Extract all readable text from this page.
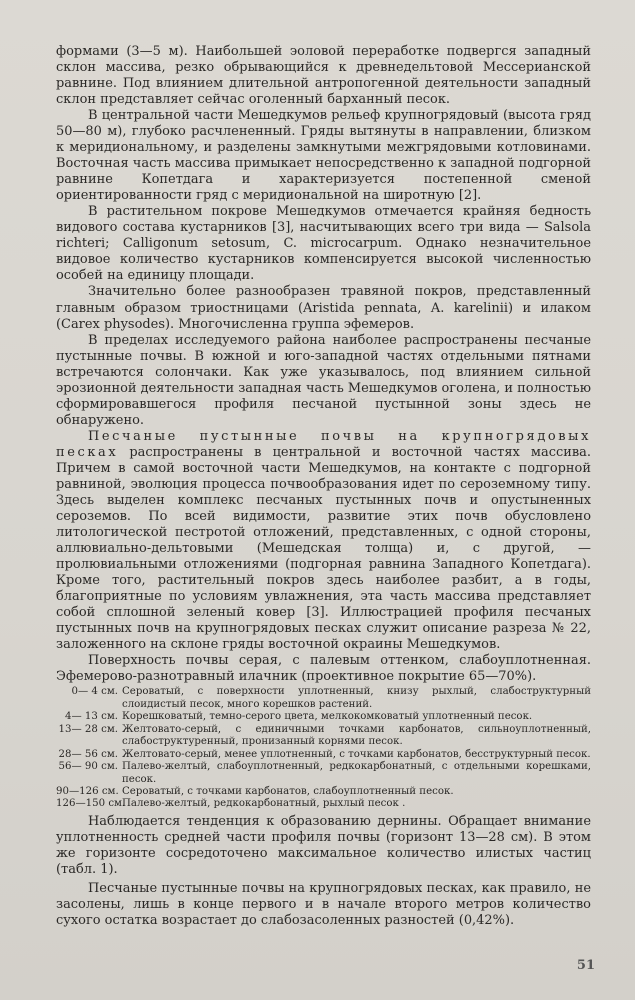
формами (3—5 м). Наибольшей эоловой переработке подвергся западный склон массива, резко обрывающийся к древнедельтовой Мессерианской равнине. Под влиянием длительной антропогенной деятельности западный склон представляет сейчас оголенный барханный песок.

В центральной части Мешедкумов рельеф крупногрядовый (высота гряд 50—80 м), глубоко расчлененный. Гряды вытянуты в направлении, близком к меридиональному, и разделены замкнутыми межгрядовыми котловинами. Восточная часть массива примыкает непосредственно к западной подгорной равнине Копетдага и характеризуется постепенной сменой ориентированности гряд с меридиональной на широтную [2].

В растительном покрове Мешедкумов отмечается крайняя бедность видового состава кустарников [3], насчитывающих всего три вида — Salsola richteri; Calligonum setosum, C. microcarpum. Однако незначительное видовое количество кустарников компенсируется высокой численностью особей на единицу площади.

Значительно более разнообразен травяной покров, представленный главным образом триостницами (Aristida pennata, A. karelinii) и илаком (Carex physodes). Многочисленна группа эфемеров.

В пределах исследуемого района наиболее распространены песчаные пустынные почвы. В южной и юго-западной частях отдельными пятнами встречаются солончаки. Как уже указывалось, под влиянием сильной эрозионной деятельности западная часть Мешедкумов оголена, и полностью сформировавшегося профиля песчаной пустынной зоны здесь не обнаружено.

Песчаные пустынные почвы на крупногрядовых песках распространены в центральной и восточной частях массива. Причем в самой восточной части Мешедкумов, на контакте с подгорной равниной, эволюция процесса почвообразования идет по сероземному типу. Здесь выделен комплекс песчаных пустынных почв и опустыненных сероземов. По всей видимости, развитие этих почв обусловлено литологической пестротой отложений, представленных, с одной стороны, аллювиально-дельтовыми (Мешедская толща) и, с другой, — пролювиальными отложениями (подгорная равнина Западного Копетдага). Кроме того, растительный покров здесь наиболее разбит, а в годы, благоприятные по условиям увлажнения, эта часть массива представляет собой сплошной зеленый ковер [3]. Иллюстрацией профиля песчаных пустынных почв на крупногрядовых песках служит описание разреза № 22, заложенного на склоне гряды восточной окраины Мешедкумов.

Поверхность почвы серая, с палевым оттенком, слабоуплотненная. Эфемерово-разнотравный илачник (проективное покрытие 65—70%).

0— 4 см. Сероватый, с поверхности уплотненный, книзу рыхлый, слабоструктурный слоидистый песок, много корешков растений.
4— 13 см. Корешковатый, темно-серого цвета, мелкокомковатый уплотненный песок.
13— 28 см. Желтовато-серый, с единичными точками карбонатов, сильноуплотненный, слабоструктуренный, пронизанный корнями песок.
28— 56 см. Желтовато-серый, менее уплотненный, с точками карбонатов, бесструктурный песок.
56— 90 см. Палево-желтый, слабоуплотненный, редкокарбонатный, с отдельными корешками, песок.
90—126 см. Сероватый, с точками карбонатов, слабоуплотненный песок.
126—150 см.
Палево-желтый, редкокарбонатный, рыхлый песок .

Наблюдается тенденция к образованию дернины. Обращает внимание уплотненность средней части профиля почвы (горизонт 13—28 см). В этом же горизонте сосредоточено максимальное количество илистых частиц (табл. 1).

Песчаные пустынные почвы на крупногрядовых песках, как правило, не засолены, лишь в конце первого и в начале второго метров количество сухого остатка возрастает до слабозасоленных разностей (0,42%).

51
